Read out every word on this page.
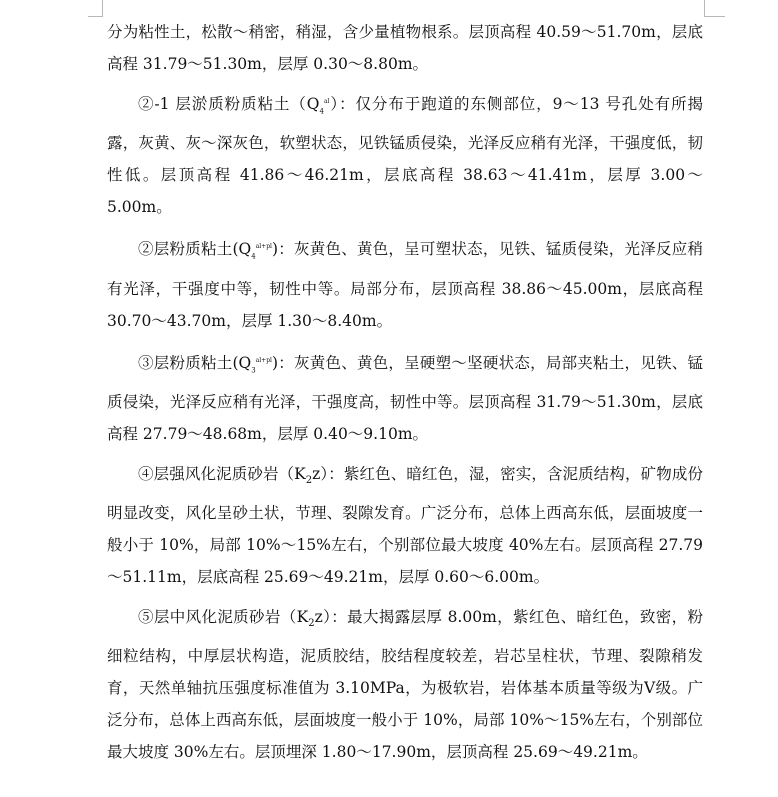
分为粘性土，松散～稍密，稍湿，含少量植物根系。层顶高程 40.59～51.70m，层底高程 31.79～51.30m，层厚 0.30～8.80m。

②-1 层淤质粉质粘土$(Q_4^{al})$：仅分布于跑道的东侧部位，9～13 号孔处有所揭露，灰黄、灰～深灰色，软塑状态，见铁锰质侵染，光泽反应稍有光泽，干强度低，韧性低。层顶高程 41.86～46.21m，层底高程 38.63～41.41m，层厚 3.00～5.00m。

②层粉质粘土$(Q_4^{al+pl})$：灰黄色、黄色，呈可塑状态，见铁、锰质侵染，光泽反应稍有光泽，干强度中等，韧性中等。局部分布，层顶高程 38.86～45.00m，层底高程 30.70～43.70m，层厚 1.30～8.40m。

③层粉质粘土$(Q_3^{al+pl})$：灰黄色、黄色，呈硬塑～坚硬状态，局部夹粘土，见铁、锰质侵染，光泽反应稍有光泽，干强度高，韧性中等。层顶高程 31.79～51.30m，层底高程 27.79～48.68m，层厚 0.40～9.10m。

④层强风化泥质砂岩$(K_2z)$：紫红色、暗红色，湿，密实，含泥质结构，矿物成份明显改变，风化呈砂土状，节理、裂隙发育。广泛分布，总体上西高东低，层面坡度一般小于 10%，局部 10%～15%左右，个别部位最大坡度 40%左右。层顶高程 27.79～51.11m，层底高程 25.69～49.21m，层厚 0.60～6.00m。

⑤层中风化泥质砂岩$(K_2z)$：最大揭露层厚 8.00m，紫红色、暗红色，致密，粉细粒结构，中厚层状构造，泥质胶结，胶结程度较差，岩芯呈柱状，节理、裂隙稍发育，天然单轴抗压强度标准值为 3.10MPa，为极软岩，岩体基本质量等级为Ⅴ级。广泛分布，总体上西高东低，层面坡度一般小于 10%，局部 10%～15%左右，个别部位最大坡度 30%左右。层顶埋深 1.80～17.90m，层顶高程 25.69～49.21m。
